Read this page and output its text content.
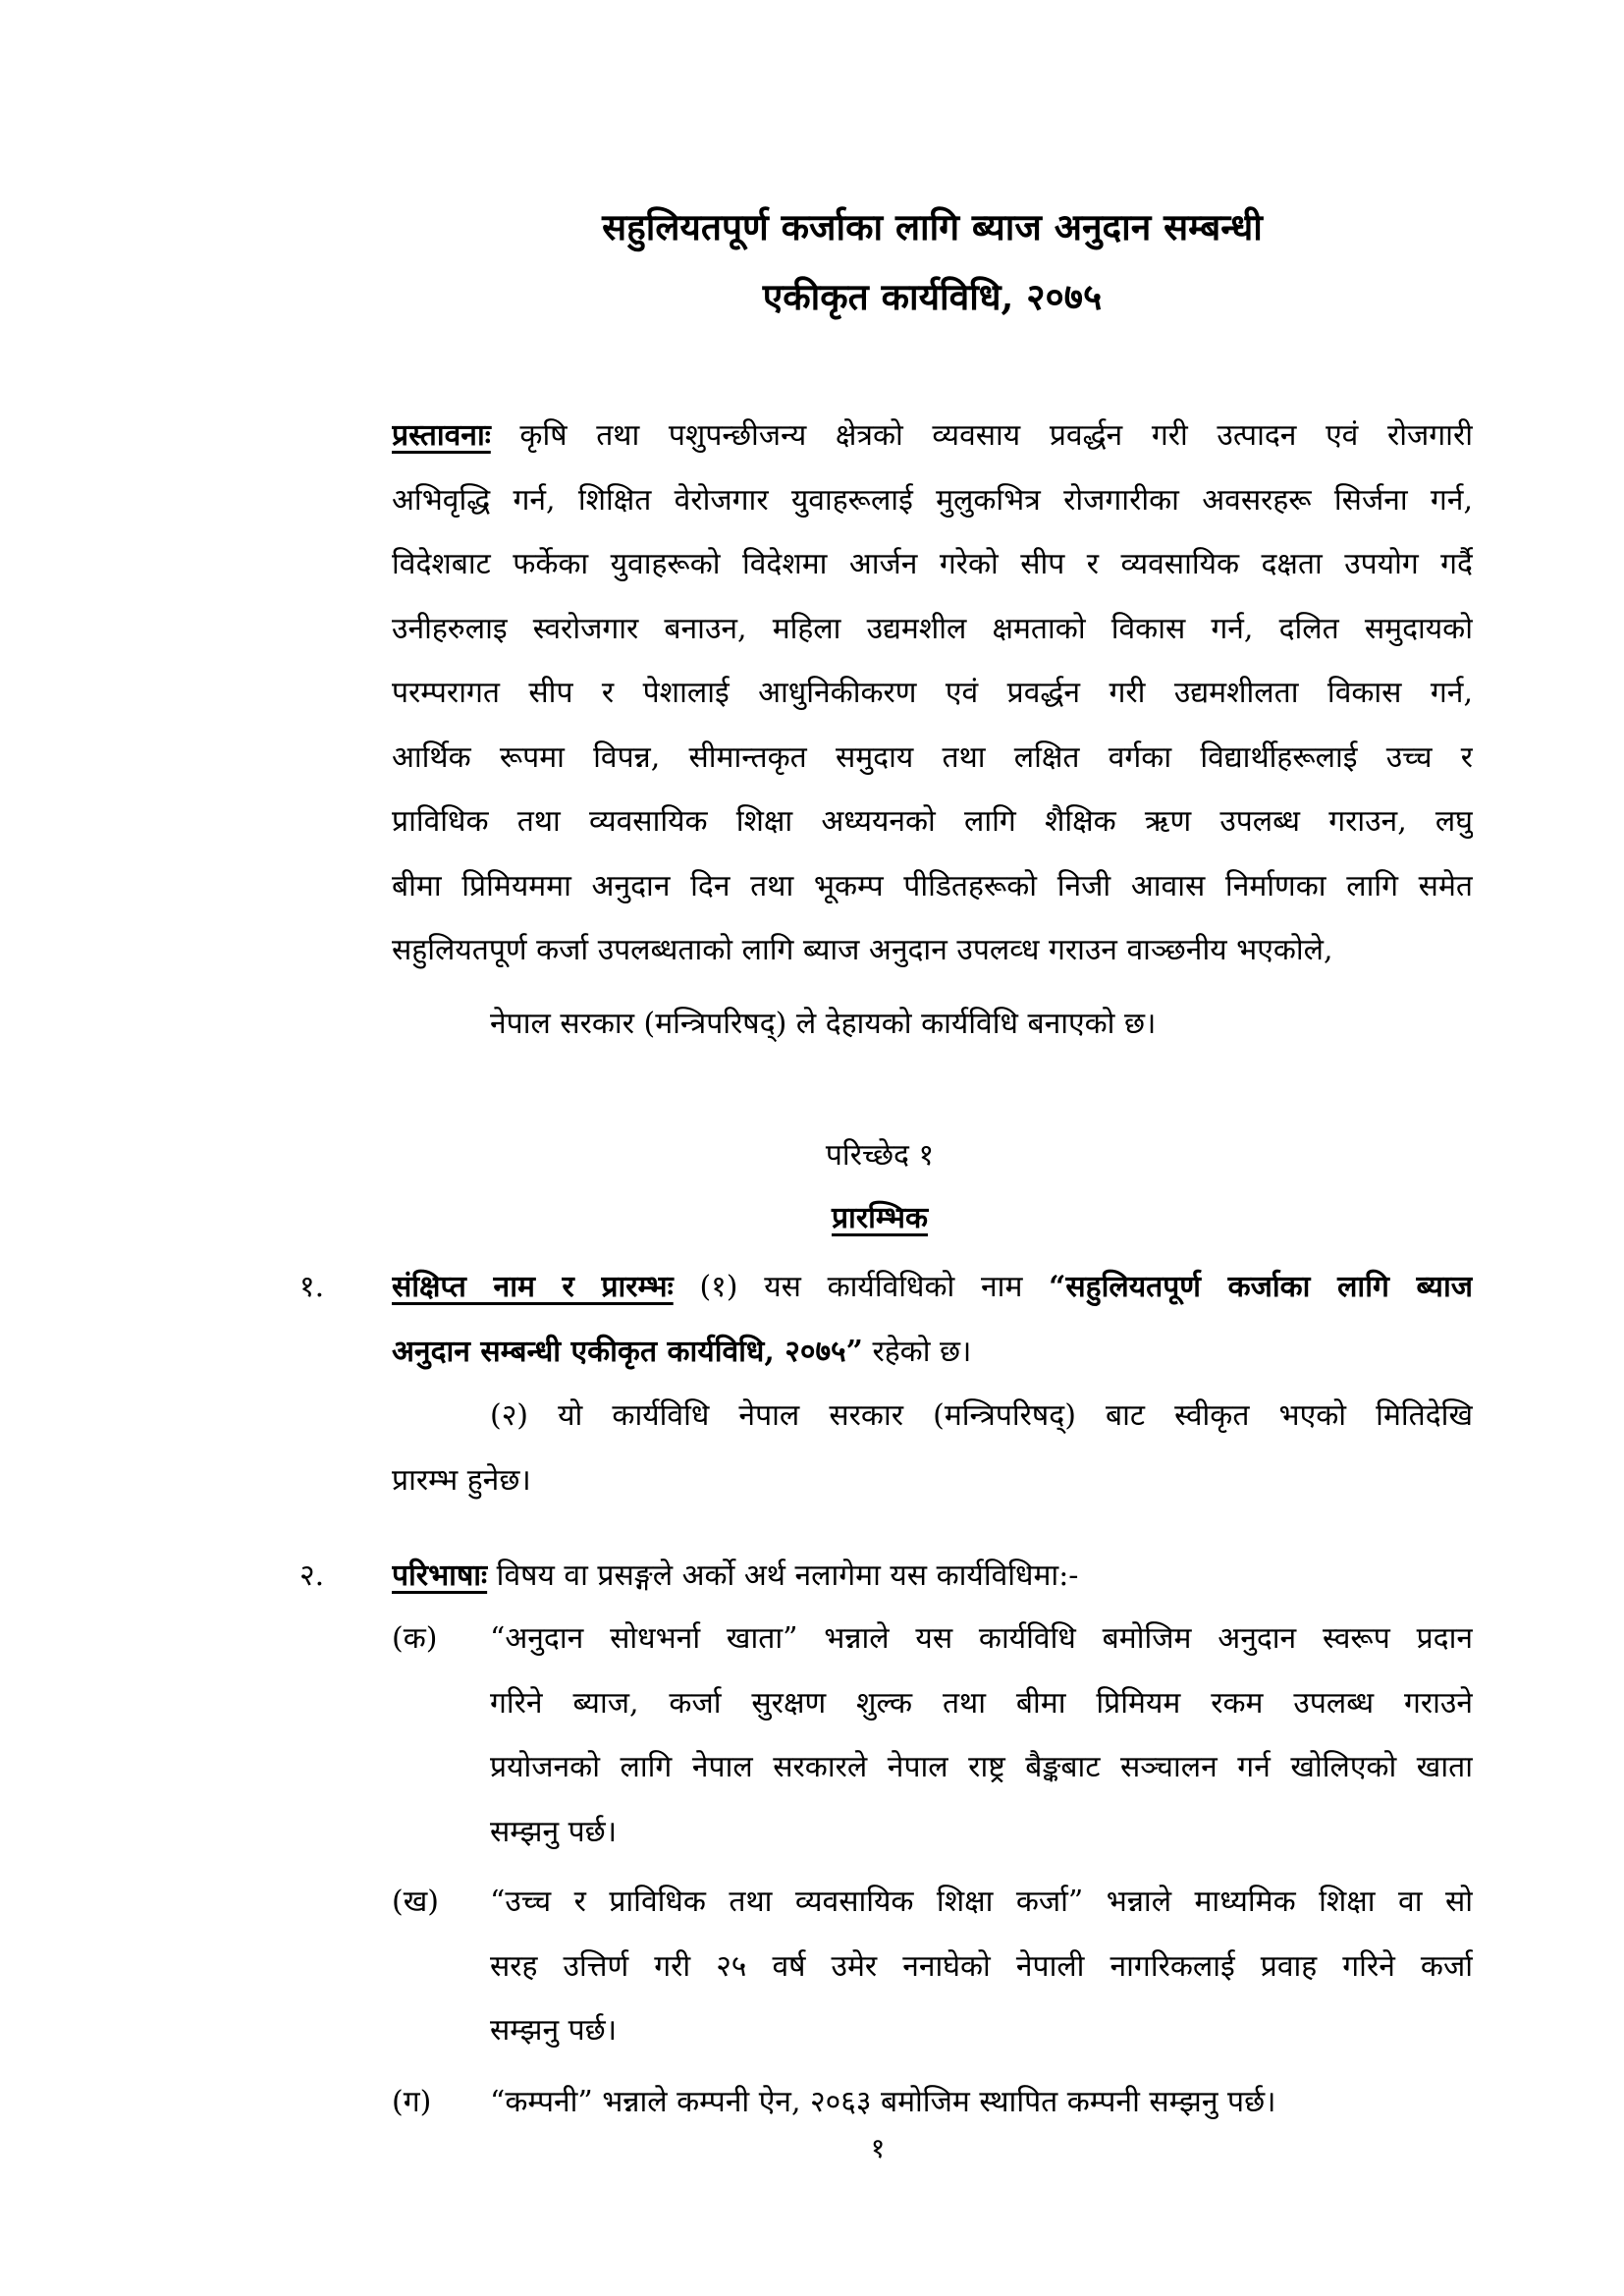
सहुलियतपूर्ण कर्जाका लागि ब्याज अनुदान सम्बन्धी
एकीकृत कार्यविधि, २०७५
प्रस्तावनाः कृषि तथा पशुपन्छीजन्य क्षेत्रको व्यवसाय प्रवर्द्धन गरी उत्पादन एवं रोजगारी
अभिवृद्धि गर्न, शिक्षित वेरोजगार युवाहरूलाई मुलुकभित्र रोजगारीका अवसरहरू सिर्जना गर्न,
विदेशबाट फर्केका युवाहरूको विदेशमा आर्जन गरेको सीप र व्यवसायिक दक्षता उपयोग गर्दै
उनीहरुलाइ स्वरोजगार बनाउन, महिला उद्यमशील क्षमताको विकास गर्न, दलित समुदायको
परम्परागत सीप र पेशालाई आधुनिकीकरण एवं प्रवर्द्धन गरी उद्यमशीलता विकास गर्न,
आर्थिक रूपमा विपन्न, सीमान्तकृत समुदाय तथा लक्षित वर्गका विद्यार्थीहरूलाई उच्च र
प्राविधिक तथा व्यवसायिक शिक्षा अध्ययनको लागि शैक्षिक ऋण उपलब्ध गराउन, लघु
बीमा प्रिमियममा अनुदान दिन तथा भूकम्प पीडितहरूको निजी आवास निर्माणका लागि समेत
सहुलियतपूर्ण कर्जा उपलब्धताको लागि ब्याज अनुदान उपलव्ध गराउन वाञ्छनीय भएकोले,
नेपाल सरकार (मन्त्रिपरिषद्) ले देहायको कार्यविधि बनाएको छ।
परिच्छेद १
प्रारम्भिक
१.	संक्षिप्त नाम र प्रारम्भः (१) यस कार्यविधिको नाम “सहुलियतपूर्ण कर्जाका लागि ब्याज
अनुदान सम्बन्धी एकीकृत कार्यविधि, २०७५” रहेको छ।
(२) यो कार्यविधि नेपाल सरकार (मन्त्रिपरिषद्) बाट स्वीकृत भएको मितिदेखि
प्रारम्भ हुनेछ।
२.	परिभाषाः विषय वा प्रसङ्गले अर्को अर्थ नलागेमा यस कार्यविधिमा:-
(क)	“अनुदान सोधभर्ना खाता” भन्नाले यस कार्यविधि बमोजिम अनुदान स्वरूप प्रदान
गरिने ब्याज, कर्जा सुरक्षण शुल्क तथा बीमा प्रिमियम रकम उपलब्ध गराउने
प्रयोजनको लागि नेपाल सरकारले नेपाल राष्ट्र बैङ्कबाट सञ्चालन गर्न खोलिएको खाता
सम्झनु पर्छ।
(ख)	“उच्च र प्राविधिक तथा व्यवसायिक शिक्षा कर्जा” भन्नाले माध्यमिक शिक्षा वा सो
सरह उत्तिर्ण गरी २५ वर्ष उमेर ननाघेको नेपाली नागरिकलाई प्रवाह गरिने कर्जा
सम्झनु पर्छ।
(ग)	“कम्पनी” भन्नाले कम्पनी ऐन, २०६३ बमोजिम स्थापित कम्पनी सम्झनु पर्छ।
१
